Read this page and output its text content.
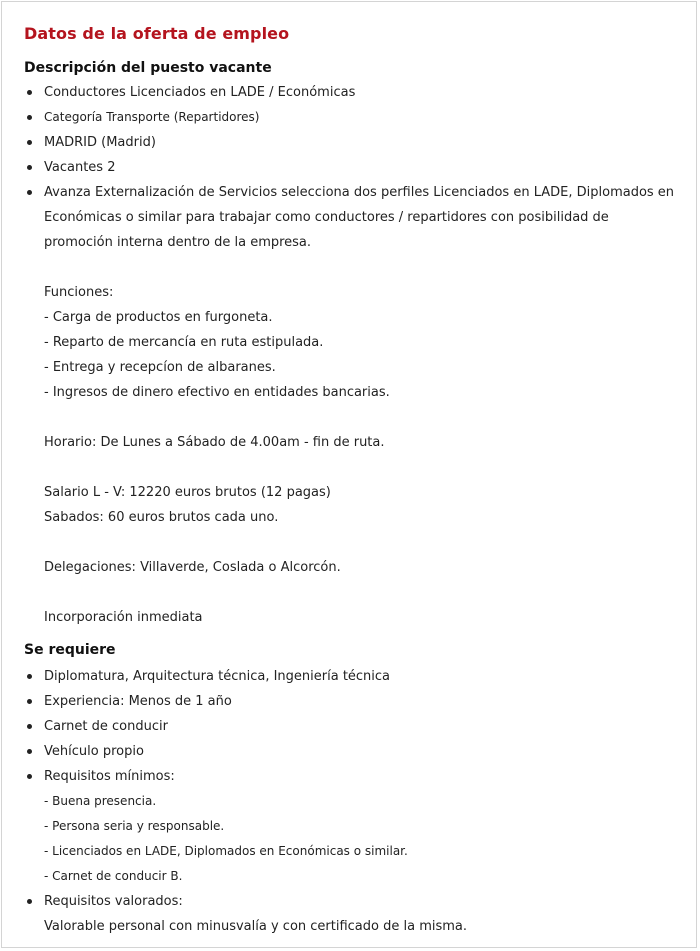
Datos de la oferta de empleo
Descripción del puesto vacante
Conductores Licenciados en LADE / Económicas
Categoría Transporte (Repartidores)
MADRID (Madrid)
Vacantes 2
Avanza Externalización de Servicios selecciona dos perfiles Licenciados en LADE, Diplomados en Económicas o similar para trabajar como conductores / repartidores con posibilidad de promoción interna dentro de la empresa.
Funciones:
- Carga de productos en furgoneta.
- Reparto de mercancía en ruta estipulada.
- Entrega y recepcíon de albaranes.
- Ingresos de dinero efectivo en entidades bancarias.
Horario: De Lunes a Sábado de 4.00am - fin de ruta.
Salario L - V: 12220 euros brutos (12 pagas)
Sabados: 60 euros brutos cada uno.
Delegaciones: Villaverde, Coslada o Alcorcón.
Incorporación inmediata
Se requiere
Diplomatura, Arquitectura técnica, Ingeniería técnica
Experiencia: Menos de 1 año
Carnet de conducir
Vehículo propio
Requisitos mínimos:
- Buena presencia.
- Persona seria y responsable.
- Licenciados en LADE, Diplomados en Económicas o similar.
- Carnet de conducir B.
Requisitos valorados:
Valorable personal con minusvalía y con certificado de la misma.
